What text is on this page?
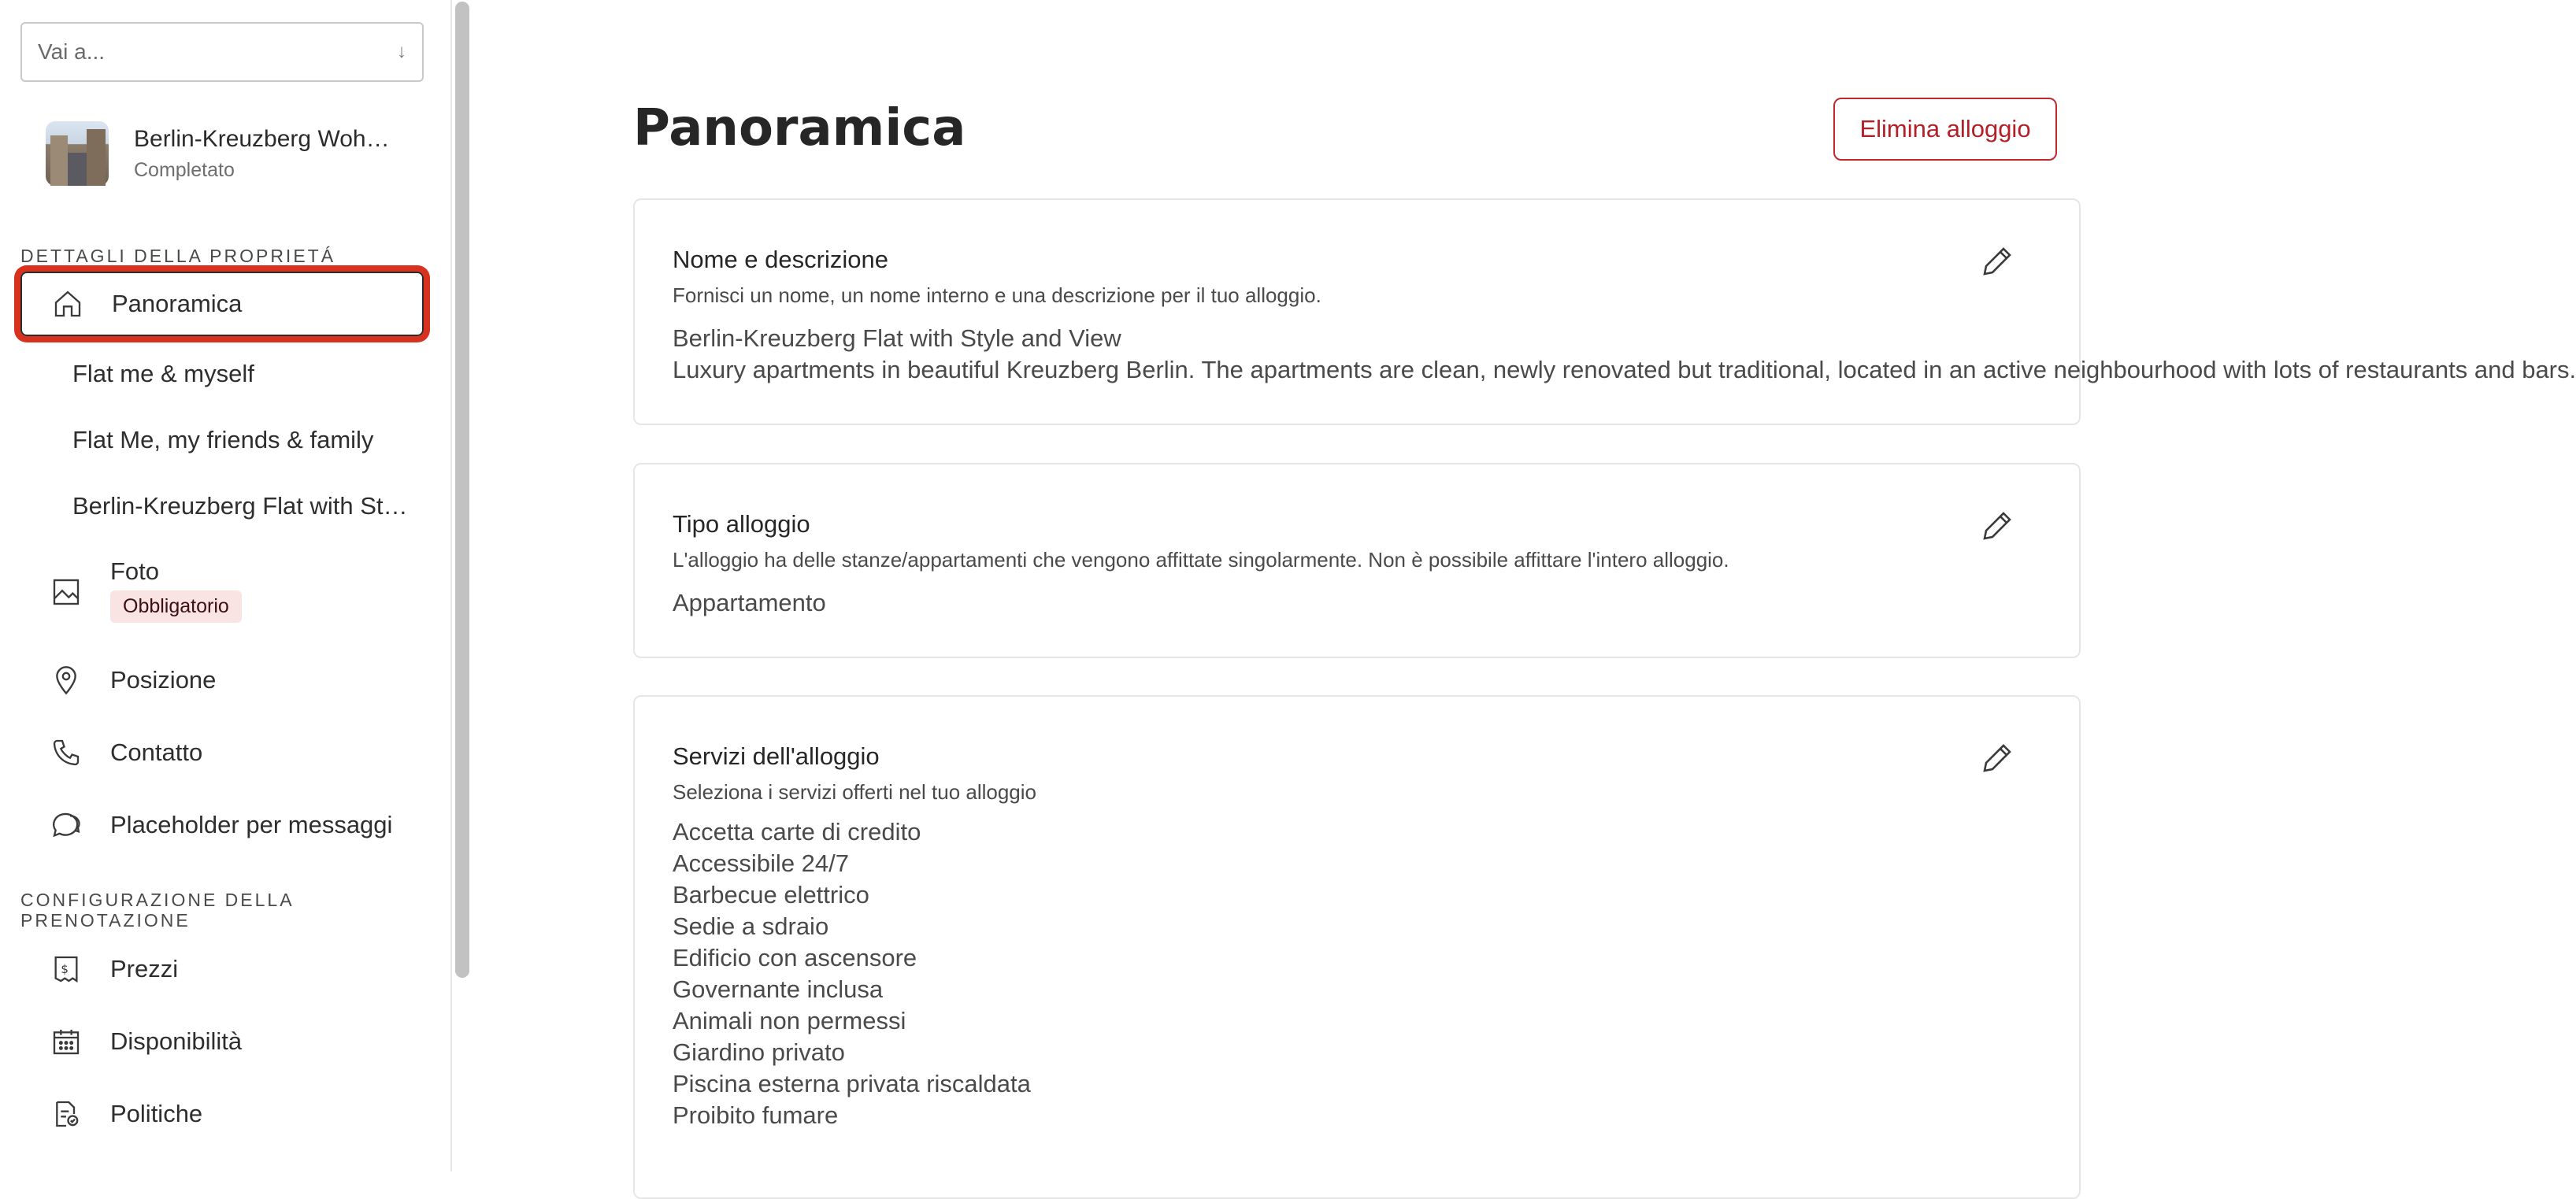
Vai a...	↓
Berlin-Kreuzberg Woh…
Completato
DETTAGLI DELLA PROPRIETÁ
Panoramica
Flat me & myself
Flat Me, my friends & family
Berlin-Kreuzberg Flat with St…
Foto
Obbligatorio
Posizione
Contatto
Placeholder per messaggi
CONFIGURAZIONE DELLA
PRENOTAZIONE
$ Prezzi
Disponibilità
Politiche
Panoramica	Elimina alloggio
Nome e descrizione
Fornisci un nome, un nome interno e una descrizione per il tuo alloggio.
Berlin-Kreuzberg Flat with Style and View
Luxury apartments in beautiful Kreuzberg Berlin. The apartments are clean, newly renovated but traditional, located in an active neighbourhood with lots of restaurants and bars.
Tipo alloggio
L'alloggio ha delle stanze/appartamenti che vengono affittate singolarmente. Non è possibile affittare l'intero alloggio.
Appartamento
Servizi dell'alloggio
Seleziona i servizi offerti nel tuo alloggio
Accetta carte di credito
Accessibile 24/7
Barbecue elettrico
Sedie a sdraio
Edificio con ascensore
Governante inclusa
Animali non permessi
Giardino privato
Piscina esterna privata riscaldata
Proibito fumare
